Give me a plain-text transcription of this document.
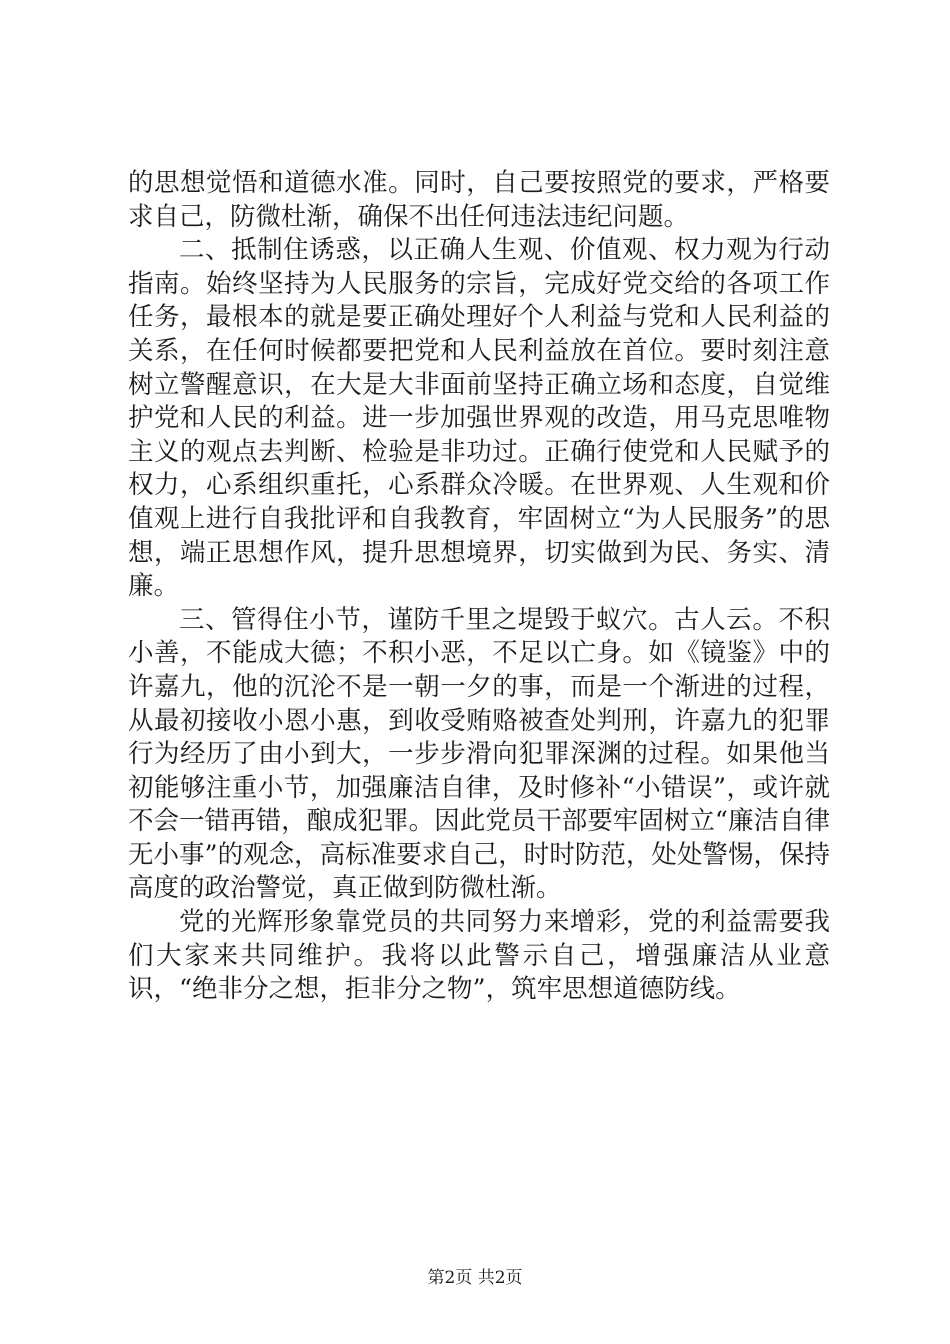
的思想觉悟和道德水准。同时，自己要按照党的要求，严格要求自己，防微杜渐，确保不出任何违法违纪问题。

二、抵制住诱惑，以正确人生观、价值观、权力观为行动指南。始终坚持为人民服务的宗旨，完成好党交给的各项工作任务，最根本的就是要正确处理好个人利益与党和人民利益的关系，在任何时候都要把党和人民利益放在首位。要时刻注意树立警醒意识，在大是大非面前坚持正确立场和态度，自觉维护党和人民的利益。进一步加强世界观的改造，用马克思唯物主义的观点去判断、检验是非功过。正确行使党和人民赋予的权力，心系组织重托，心系群众冷暖。在世界观、人生观和价值观上进行自我批评和自我教育，牢固树立“为人民服务”的思想，端正思想作风，提升思想境界，切实做到为民、务实、清廉。

三、管得住小节，谨防千里之堤毁于蚁穴。古人云。不积小善，不能成大德；不积小恶，不足以亡身。如《镜鉴》中的许嘉九，他的沉沦不是一朝一夕的事，而是一个渐进的过程，从最初接收小恩小惠，到收受贿赂被查处判刑，许嘉九的犯罪行为经历了由小到大，一步步滑向犯罪深渊的过程。如果他当初能够注重小节，加强廉洁自律，及时修补“小错误”，或许就不会一错再错，酿成犯罪。因此党员干部要牢固树立“廉洁自律无小事”的观念，高标准要求自己，时时防范，处处警惕，保持高度的政治警觉，真正做到防微杜渐。

党的光辉形象靠党员的共同努力来增彩，党的利益需要我们大家来共同维护。我将以此警示自己，增强廉洁从业意识，“绝非分之想，拒非分之物”，筑牢思想道德防线。

第2页 共2页
